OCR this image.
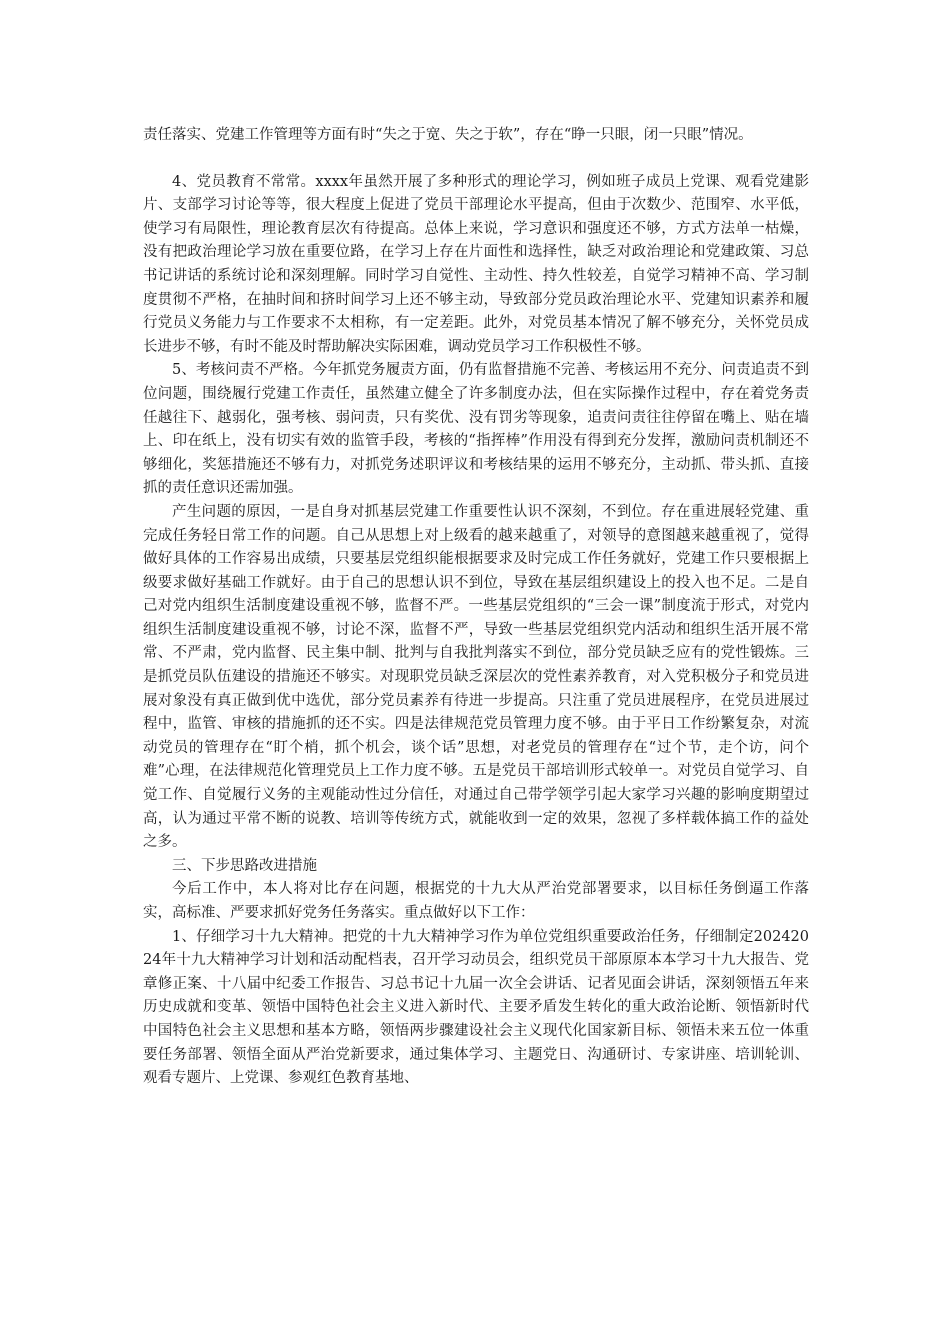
责任落实、党建工作管理等方面有时“失之于宽、失之于软”，存在“睁一只眼，闭一只眼”情况。

4、党员教育不常常。xxxx年虽然开展了多种形式的理论学习，例如班子成员上党课、观看党建影片、支部学习讨论等等，很大程度上促进了党员干部理论水平提高，但由于次数少、范围窄、水平低，使学习有局限性，理论教育层次有待提高。总体上来说，学习意识和强度还不够，方式方法单一枯燥，没有把政治理论学习放在重要位路，在学习上存在片面性和选择性，缺乏对政治理论和党建政策、习总书记讲话的系统讨论和深刻理解。同时学习自觉性、主动性、持久性较差，自觉学习精神不高、学习制度贯彻不严格，在抽时间和挤时间学习上还不够主动，导致部分党员政治理论水平、党建知识素养和履行党员义务能力与工作要求不太相称，有一定差距。此外，对党员基本情况了解不够充分，关怀党员成长进步不够，有时不能及时帮助解决实际困难，调动党员学习工作积极性不够。

5、考核问责不严格。今年抓党务履责方面，仍有监督措施不完善、考核运用不充分、问责追责不到位问题，围绕履行党建工作责任，虽然建立健全了许多制度办法，但在实际操作过程中，存在着党务责任越往下、越弱化，强考核、弱问责，只有奖优、没有罚劣等现象，追责问责往往停留在嘴上、贴在墙上、印在纸上，没有切实有效的监管手段，考核的“指挥棒”作用没有得到充分发挥，激励问责机制还不够细化，奖惩措施还不够有力，对抓党务述职评议和考核结果的运用不够充分，主动抓、带头抓、直接抓的责任意识还需加强。

产生问题的原因，一是自身对抓基层党建工作重要性认识不深刻，不到位。存在重进展轻党建、重完成任务轻日常工作的问题。自己从思想上对上级看的越来越重了，对领导的意图越来越重视了，觉得做好具体的工作容易出成绩，只要基层党组织能根据要求及时完成工作任务就好，党建工作只要根据上级要求做好基础工作就好。由于自己的思想认识不到位，导致在基层组织建设上的投入也不足。二是自己对党内组织生活制度建设重视不够，监督不严。一些基层党组织的“三会一课”制度流于形式，对党内组织生活制度建设重视不够，讨论不深，监督不严，导致一些基层党组织党内活动和组织生活开展不常常、不严肃，党内监督、民主集中制、批判与自我批判落实不到位，部分党员缺乏应有的党性锻炼。三是抓党员队伍建设的措施还不够实。对现职党员缺乏深层次的党性素养教育，对入党积极分子和党员进展对象没有真正做到优中选优，部分党员素养有待进一步提高。只注重了党员进展程序，在党员进展过程中，监管、审核的措施抓的还不实。四是法律规范党员管理力度不够。由于平日工作纷繁复杂，对流动党员的管理存在“盯个梢，抓个机会，谈个话”思想，对老党员的管理存在“过个节，走个访，问个难”心理，在法律规范化管理党员上工作力度不够。五是党员干部培训形式较单一。对党员自觉学习、自觉工作、自觉履行义务的主观能动性过分信任，对通过自己带学领学引起大家学习兴趣的影响度期望过高，认为通过平常不断的说教、培训等传统方式，就能收到一定的效果，忽视了多样载体搞工作的益处之多。

三、下步思路改进措施

今后工作中，本人将对比存在问题，根据党的十九大从严治党部署要求，以目标任务倒逼工作落实，高标准、严要求抓好党务任务落实。重点做好以下工作：

1、仔细学习十九大精神。把党的十九大精神学习作为单位党组织重要政治任务，仔细制定20242024年十九大精神学习计划和活动配档表，召开学习动员会，组织党员干部原原本本学习十九大报告、党章修正案、十八届中纪委工作报告、习总书记十九届一次全会讲话、记者见面会讲话，深刻领悟五年来历史成就和变革、领悟中国特色社会主义进入新时代、主要矛盾发生转化的重大政治论断、领悟新时代中国特色社会主义思想和基本方略，领悟两步骤建设社会主义现代化国家新目标、领悟未来五位一体重要任务部署、领悟全面从严治党新要求，通过集体学习、主题党日、沟通研讨、专家讲座、培训轮训、观看专题片、上党课、参观红色教育基地、
